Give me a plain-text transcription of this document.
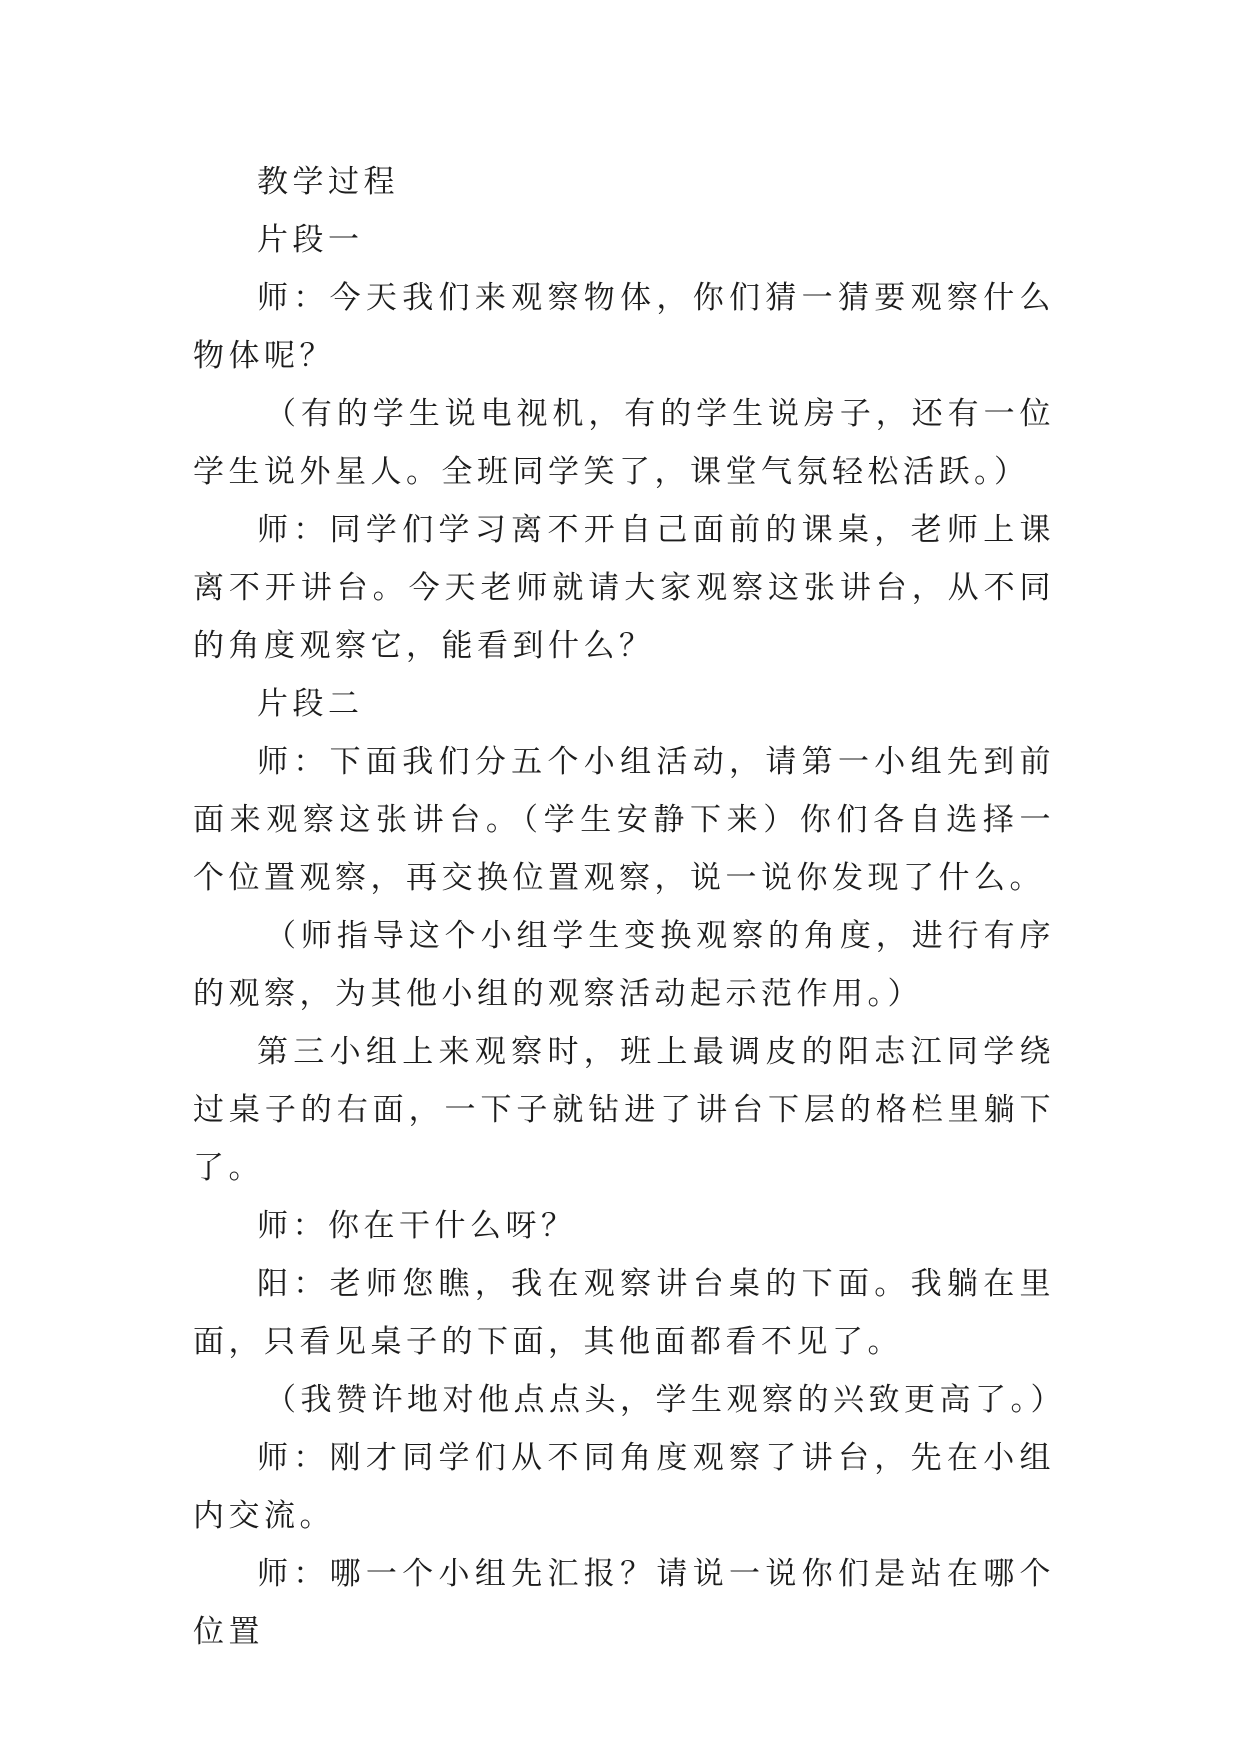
教学过程

片段一

师：今天我们来观察物体，你们猜一猜要观察什么物体呢？

（有的学生说电视机，有的学生说房子，还有一位学生说外星人。全班同学笑了，课堂气氛轻松活跃。）

师：同学们学习离不开自己面前的课桌，老师上课离不开讲台。今天老师就请大家观察这张讲台，从不同的角度观察它，能看到什么？

片段二

师：下面我们分五个小组活动，请第一小组先到前面来观察这张讲台。（学生安静下来）你们各自选择一个位置观察，再交换位置观察，说一说你发现了什么。

（师指导这个小组学生变换观察的角度，进行有序的观察，为其他小组的观察活动起示范作用。）

第三小组上来观察时，班上最调皮的阳志江同学绕过桌子的右面，一下子就钻进了讲台下层的格栏里躺下了。

师：你在干什么呀？

阳：老师您瞧，我在观察讲台桌的下面。我躺在里面，只看见桌子的下面，其他面都看不见了。

（我赞许地对他点点头，学生观察的兴致更高了。）

师：刚才同学们从不同角度观察了讲台，先在小组内交流。

师：哪一个小组先汇报？请说一说你们是站在哪个位置
